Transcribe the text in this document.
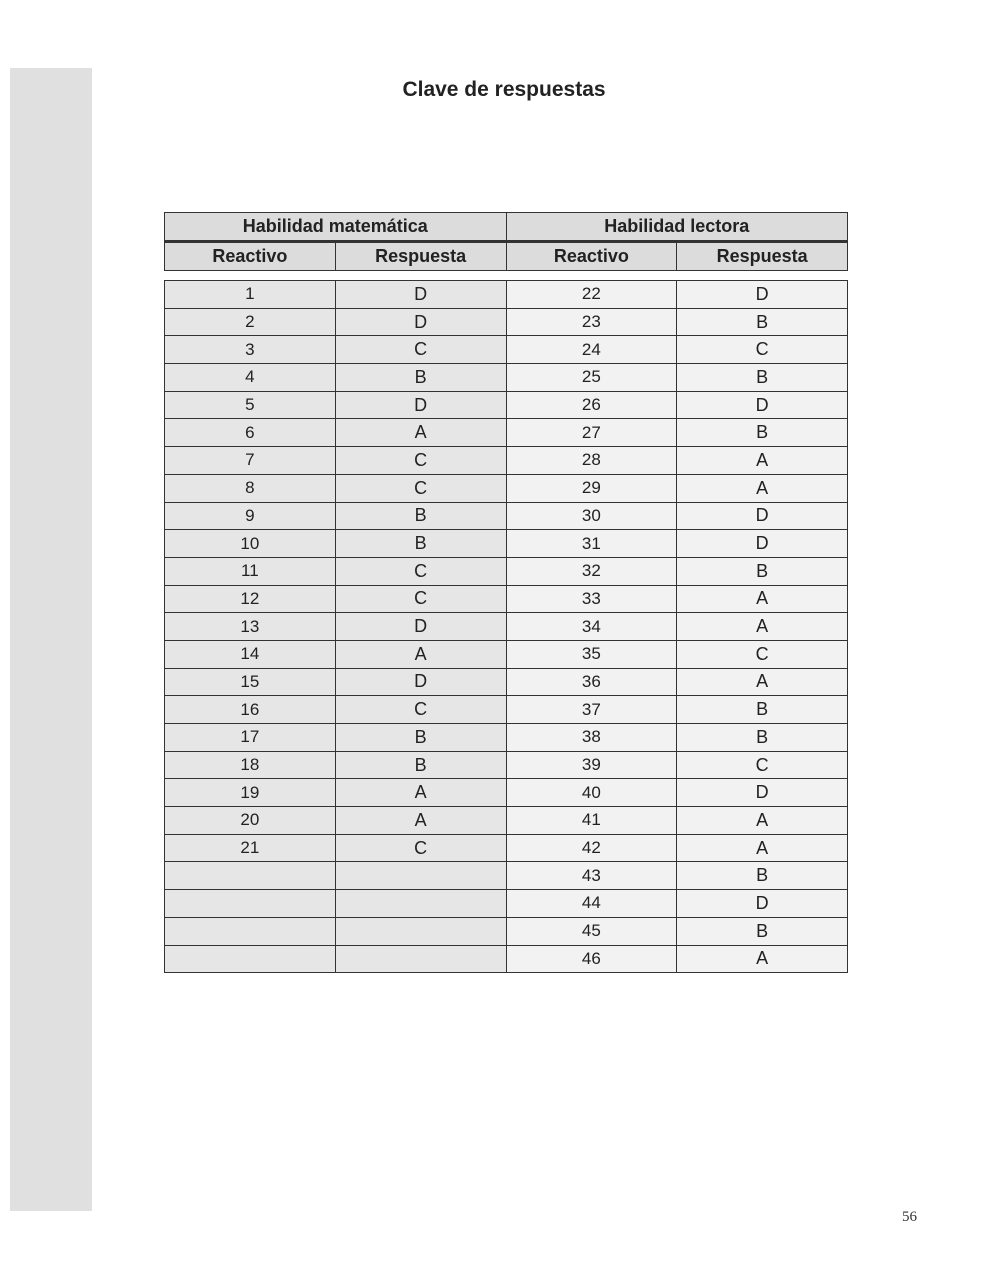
Clave de respuestas
Habilidad matemática		Habilidad lectora	
Reactivo	Respuesta	Reactivo	Respuesta
1	D	22	D
2	D	23	B
3	C	24	C
4	B	25	B
5	D	26	D
6	A	27	B
7	C	28	A
8	C	29	A
9	B	30	D
10	B	31	D
11	C	32	B
12	C	33	A
13	D	34	A
14	A	35	C
15	D	36	A
16	C	37	B
17	B	38	B
18	B	39	C
19	A	40	D
20	A	41	A
21	C	42	A
		43	B
		44	D
		45	B
		46	A
56
